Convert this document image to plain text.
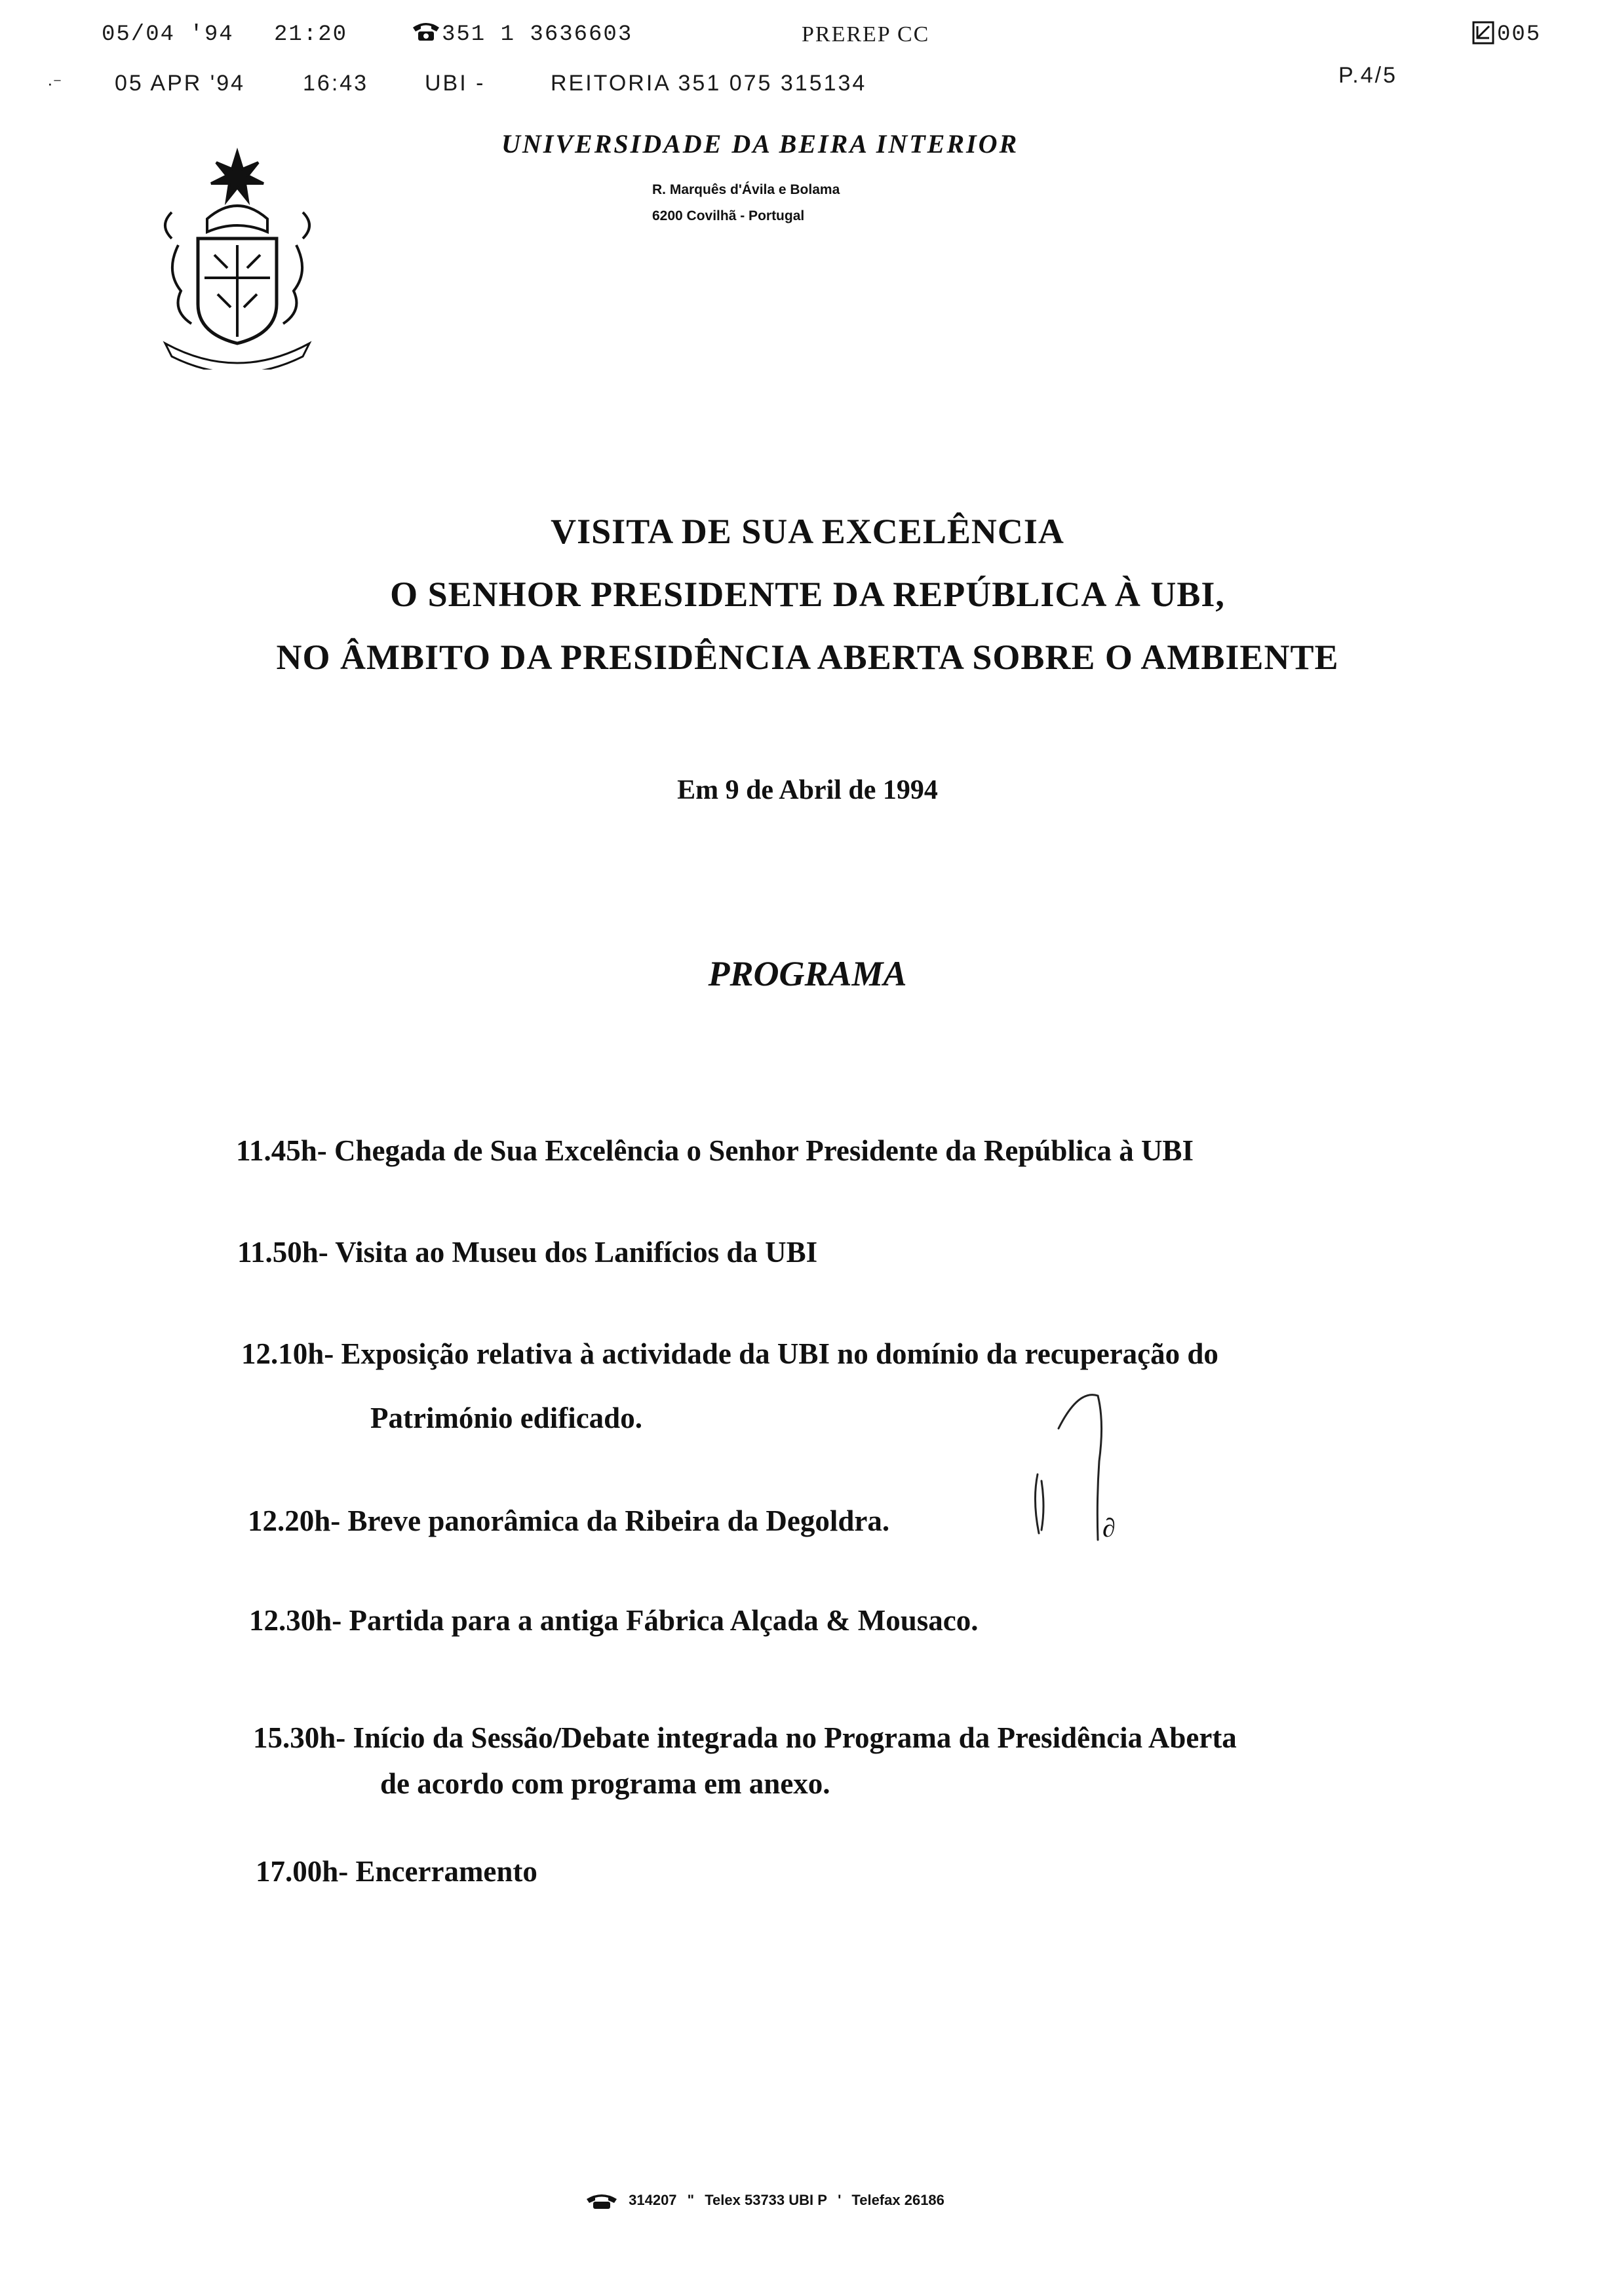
05/04 '94 21:20	351 1 3636603	PREREP CC	005
·⁻ 05 APR '94	16:43	UBI -	REITORIA 351 075 315134	P.4/5
UNIVERSIDADE DA BEIRA INTERIOR
R. Marquês d'Ávila e Bolama
6200 Covilhã - Portugal
VISITA DE SUA EXCELÊNCIA
O SENHOR PRESIDENTE DA REPÚBLICA À UBI,
NO ÂMBITO DA PRESIDÊNCIA ABERTA SOBRE O AMBIENTE
Em 9 de Abril de 1994
PROGRAMA
11.45h- Chegada de Sua Excelência o Senhor Presidente da República à UBI
11.50h- Visita ao Museu dos Lanifícios da UBI
12.10h- Exposição relativa à actividade da UBI no domínio da recuperação do
Património edificado.
12.20h- Breve panorâmica da Ribeira da Degoldra.
12.30h- Partida para a antiga Fábrica Alçada & Mousaco.
15.30h- Início da Sessão/Debate integrada no Programa da Presidência Aberta
de acordo com programa em anexo.
17.00h- Encerramento
∂
314207 " Telex 53733 UBI P ' Telefax 26186
